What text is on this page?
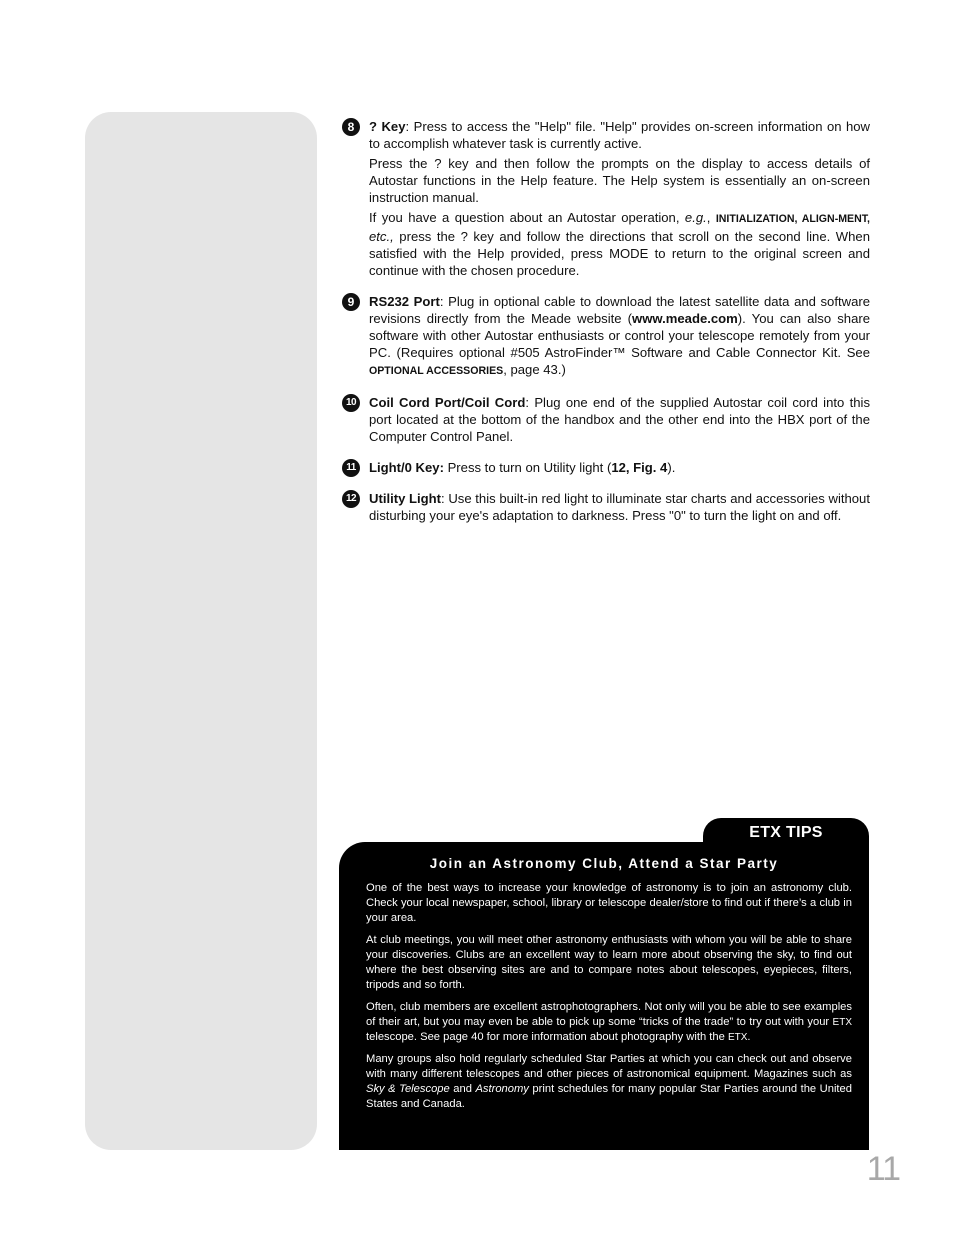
8	? Key: Press to access the "Help" file. "Help" provides on-screen information on how to accomplish whatever task is currently active.

Press the ? key and then follow the prompts on the display to access details of Autostar functions in the Help feature. The Help system is essentially an on-screen instruction manual.

If you have a question about an Autostar operation, e.g., INITIALIZATION, ALIGN-MENT, etc., press the ? key and follow the directions that scroll on the second line. When satisfied with the Help provided, press MODE to return to the original screen and continue with the chosen procedure.

9	RS232 Port: Plug in optional cable to download the latest satellite data and software revisions directly from the Meade website (www.meade.com). You can also share software with other Autostar enthusiasts or control your telescope remotely from your PC. (Requires optional #505 AstroFinder™ Software and Cable Connector Kit. See OPTIONAL ACCESSORIES, page 43.)

10 Coil Cord Port/Coil Cord: Plug one end of the supplied Autostar coil cord into this port located at the bottom of the handbox and the other end into the HBX port of the Computer Control Panel.

11	Light/0 Key: Press to turn on Utility light (12, Fig. 4).

12 Utility Light: Use this built-in red light to illuminate star charts and accessories without disturbing your eye's adaptation to darkness. Press "0" to turn the light on and off.

ETX TIPS
Join an Astronomy Club, Attend a Star Party

One of the best ways to increase your knowledge of astronomy is to join an astronomy club. Check your local newspaper, school, library or telescope dealer/store to find out if there’s a club in your area.

At club meetings, you will meet other astronomy enthusiasts with whom you will be able to share your discoveries. Clubs are an excellent way to learn more about observing the sky, to find out where the best observing sites are and to compare notes about telescopes, eyepieces, filters, tripods and so forth.

Often, club members are excellent astrophotographers. Not only will you be able to see examples of their art, but you may even be able to pick up some “tricks of the trade” to try out with your ETX telescope. See page 40 for more information about photography with the ETX.

Many groups also hold regularly scheduled Star Parties at which you can check out and observe with many different telescopes and other pieces of astronomical equipment. Magazines such as Sky & Telescope and Astronomy print schedules for many popular Star Parties around the United States and Canada.

11
